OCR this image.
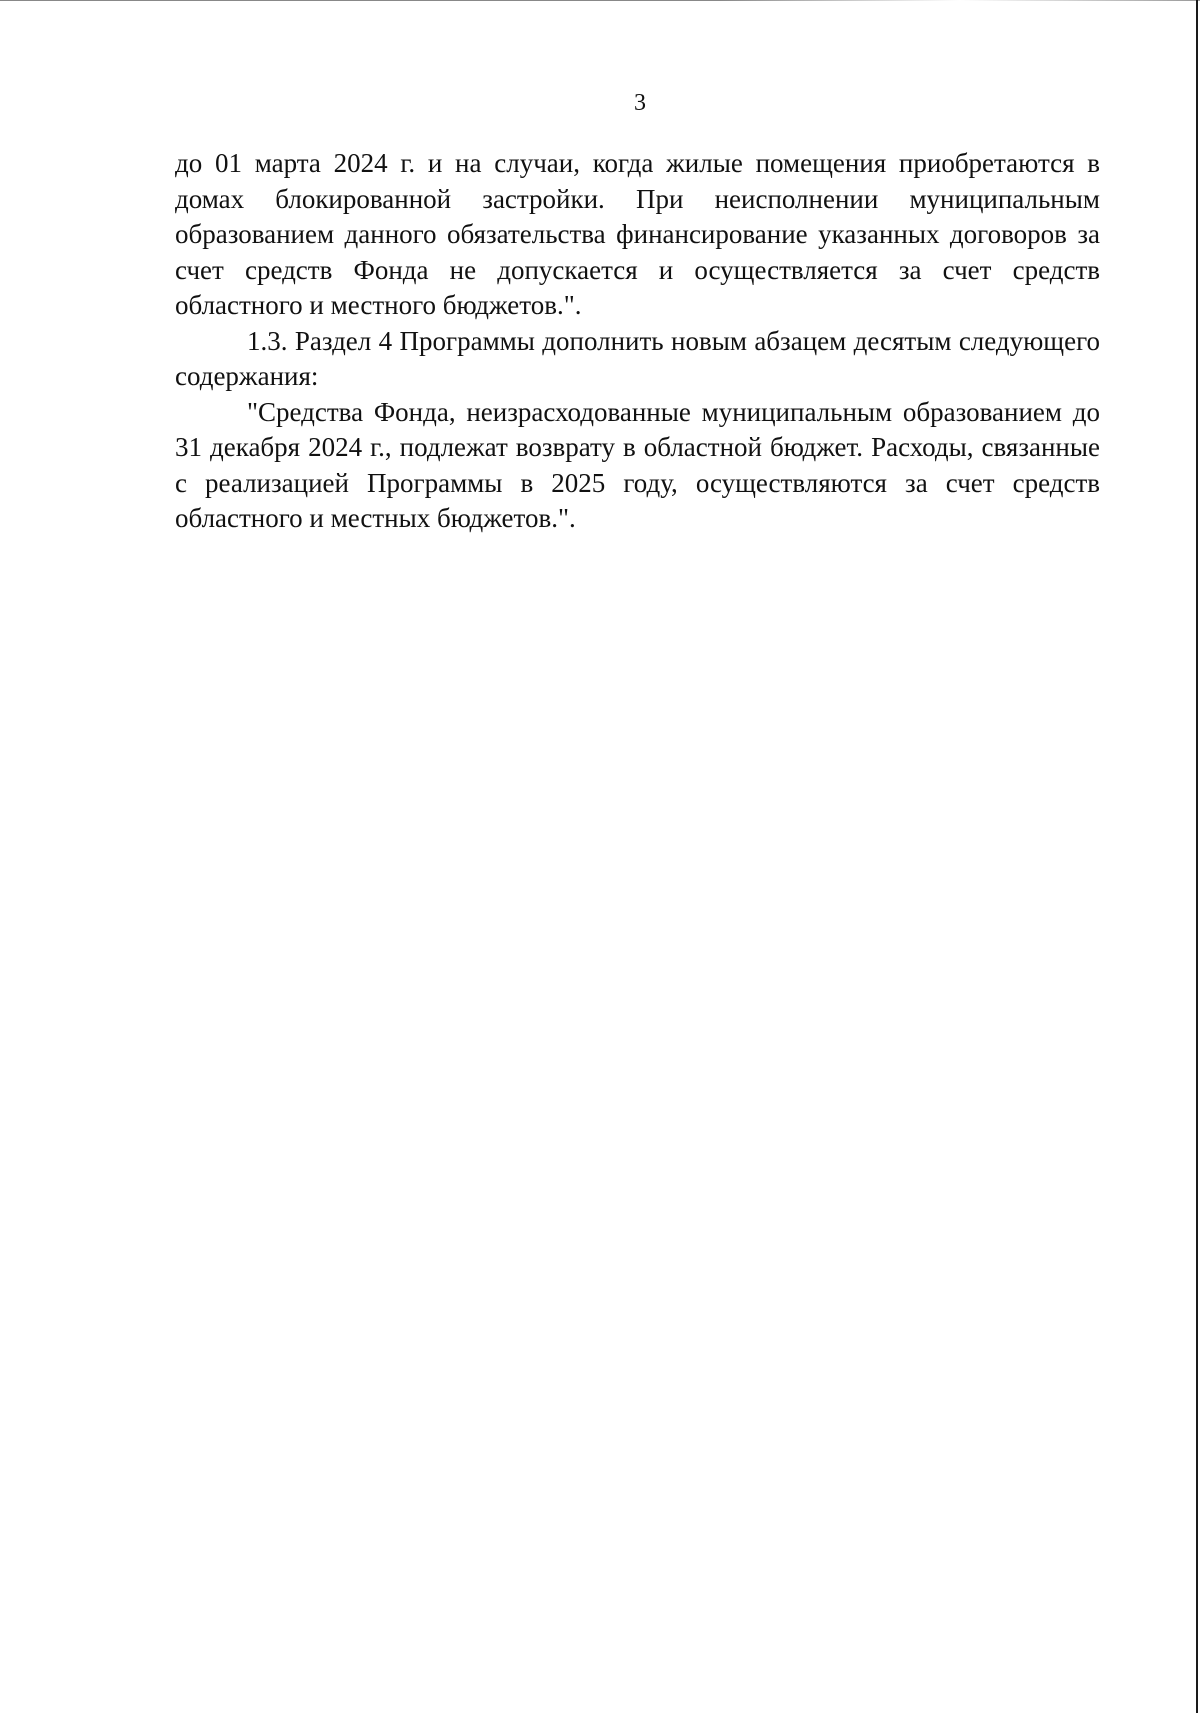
3

до 01 марта 2024 г. и на случаи, когда жилые помещения приобретаются в домах блокированной застройки. При неисполнении муниципальным образованием данного обязательства финансирование указанных договоров за счет средств Фонда не допускается и осуществляется за счет средств областного и местного бюджетов.".

1.3. Раздел 4 Программы дополнить новым абзацем десятым следующего содержания:

"Средства Фонда, неизрасходованные муниципальным образованием до 31 декабря 2024 г., подлежат возврату в областной бюджет. Расходы, связанные с реализацией Программы в 2025 году, осуществляются за счет средств областного и местных бюджетов.".
